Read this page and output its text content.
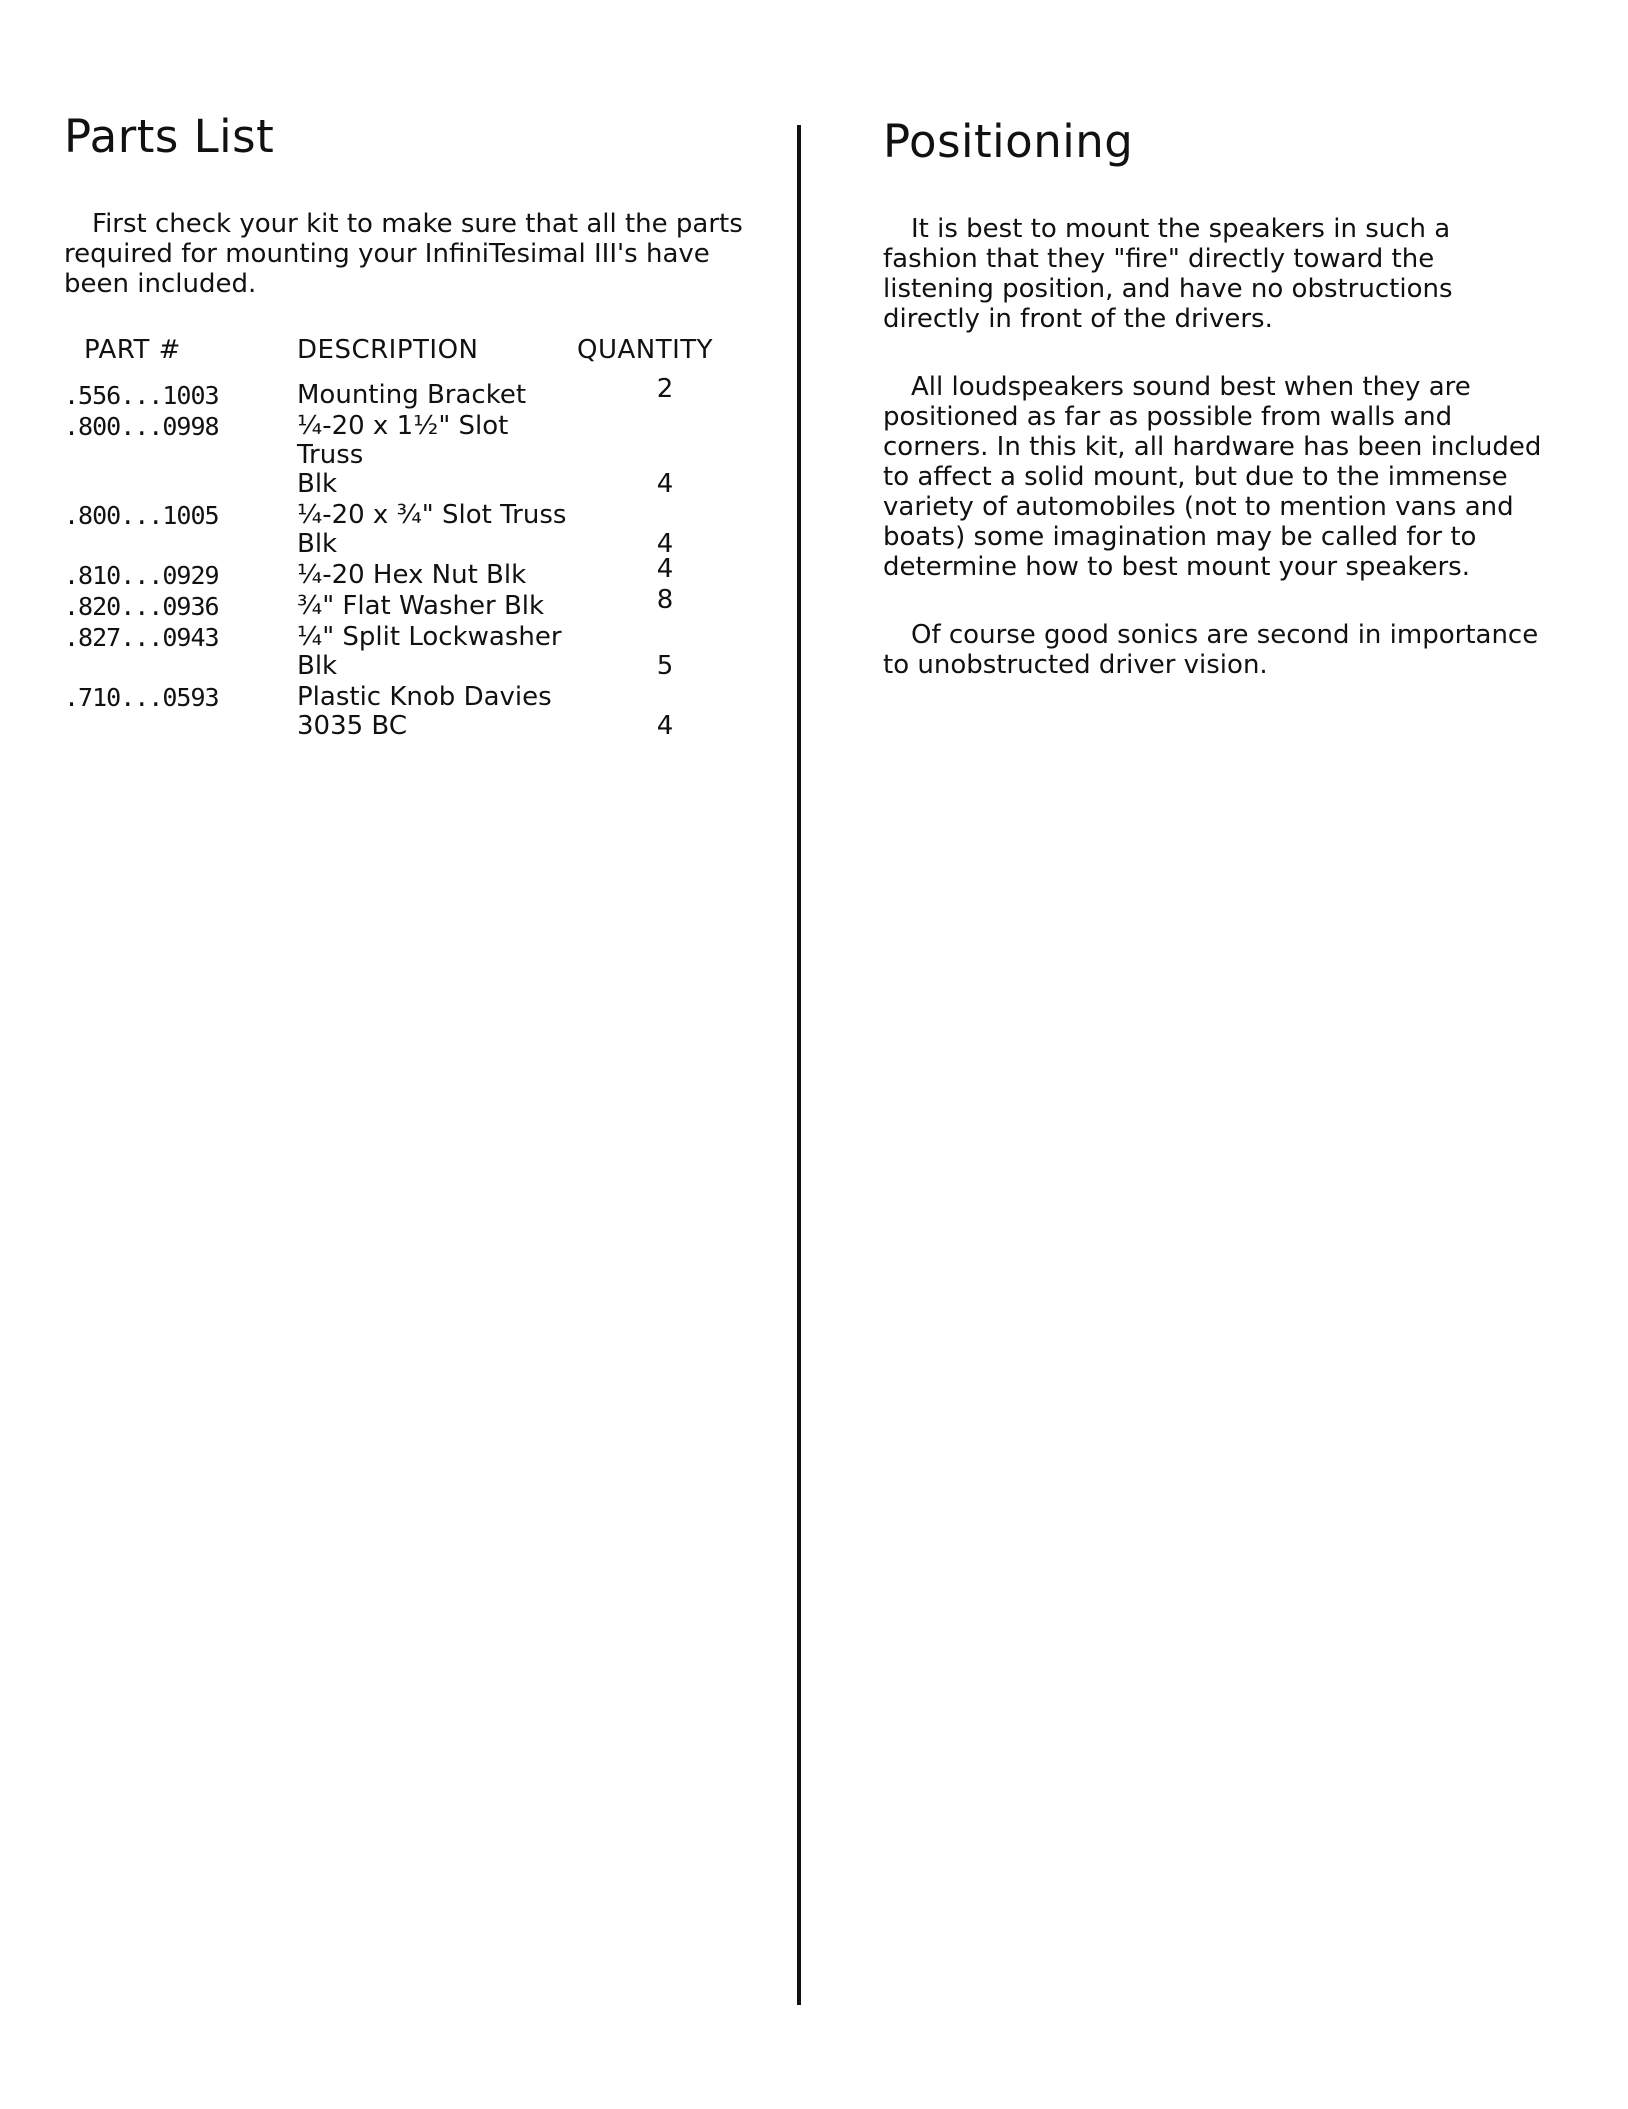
Parts List

First check your kit to make sure that all the parts required for mounting your InfiniTesimal III's have been included.

PART #	DESCRIPTION	QUANTITY
.556...1003	Mounting Bracket	2
.800...0998	¼-20 x 1½" Slot Truss
Blk	4
.800...1005	¼-20 x ¾" Slot Truss
Blk	4
.810...0929	¼-20 Hex Nut Blk	4
.820...0936	¾" Flat Washer Blk	8
.827...0943	¼" Split Lockwasher
Blk	5
.710...0593	Plastic Knob Davies
3035 BC	4
Positioning

It is best to mount the speakers in such a fashion that they "fire" directly toward the listening position, and have no obstructions directly in front of the drivers.

All loudspeakers sound best when they are positioned as far as possible from walls and corners. In this kit, all hardware has been included to affect a solid mount, but due to the immense variety of automobiles (not to mention vans and boats) some imagination may be called for to determine how to best mount your speakers.

Of course good sonics are second in importance to unobstructed driver vision.
